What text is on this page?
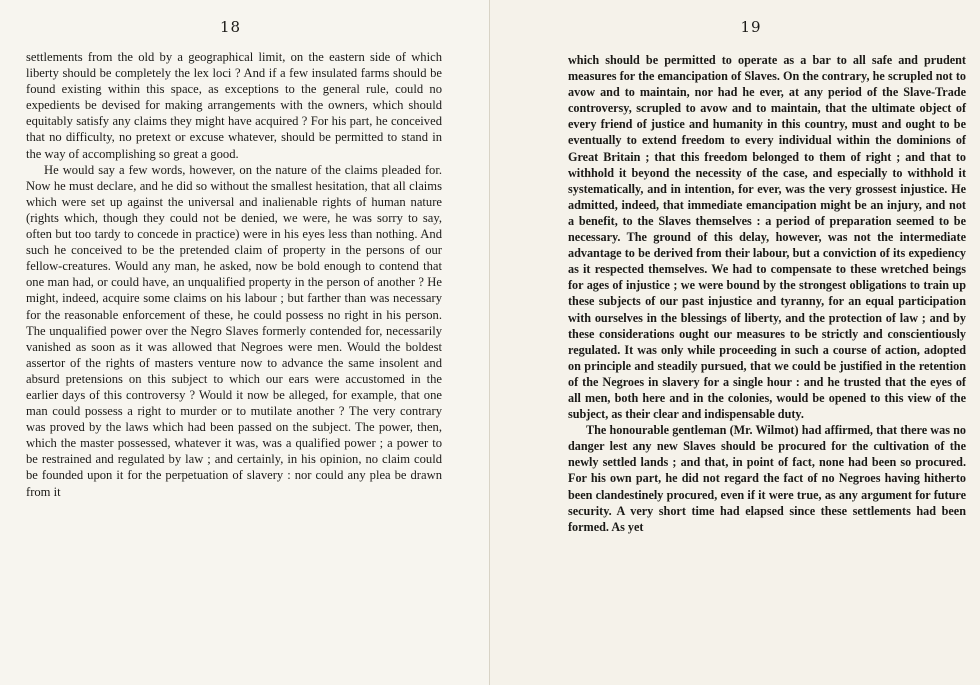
18

settlements from the old by a geographical limit, on the eastern side of which liberty should be completely the lex loci ? And if a few insulated farms should be found existing within this space, as exceptions to the general rule, could no expedients be devised for making arrangements with the owners, which should equitably satisfy any claims they might have acquired ? For his part, he conceived that no difficulty, no pretext or excuse whatever, should be permitted to stand in the way of accomplishing so great a good.

He would say a few words, however, on the nature of the claims pleaded for. Now he must declare, and he did so without the smallest hesitation, that all claims which were set up against the universal and inalienable rights of human nature (rights which, though they could not be denied, we were, he was sorry to say, often but too tardy to concede in practice) were in his eyes less than nothing. And such he conceived to be the pretended claim of property in the persons of our fellow-creatures. Would any man, he asked, now be bold enough to contend that one man had, or could have, an unqualified property in the person of another ? He might, indeed, acquire some claims on his labour ; but farther than was necessary for the reasonable enforcement of these, he could possess no right in his person. The unqualified power over the Negro Slaves formerly contended for, necessarily vanished as soon as it was allowed that Negroes were men. Would the boldest assertor of the rights of masters venture now to advance the same insolent and absurd pretensions on this subject to which our ears were accustomed in the earlier days of this controversy ? Would it now be alleged, for example, that one man could possess a right to murder or to mutilate another ? The very contrary was proved by the laws which had been passed on the subject. The power, then, which the master possessed, whatever it was, was a qualified power ; a power to be restrained and regulated by law ; and certainly, in his opinion, no claim could be founded upon it for the perpetuation of slavery : nor could any plea be drawn from it

19

which should be permitted to operate as a bar to all safe and prudent measures for the emancipation of Slaves. On the contrary, he scrupled not to avow and to maintain, nor had he ever, at any period of the Slave-Trade controversy, scrupled to avow and to maintain, that the ultimate object of every friend of justice and humanity in this country, must and ought to be eventually to extend freedom to every individual within the dominions of Great Britain ; that this freedom belonged to them of right ; and that to withhold it beyond the necessity of the case, and especially to withhold it systematically, and in intention, for ever, was the very grossest injustice. He admitted, indeed, that immediate emancipation might be an injury, and not a benefit, to the Slaves themselves : a period of preparation seemed to be necessary. The ground of this delay, however, was not the intermediate advantage to be derived from their labour, but a conviction of its expediency as it respected themselves. We had to compensate to these wretched beings for ages of injustice ; we were bound by the strongest obligations to train up these subjects of our past injustice and tyranny, for an equal participation with ourselves in the blessings of liberty, and the protection of law ; and by these considerations ought our measures to be strictly and conscientiously regulated. It was only while proceeding in such a course of action, adopted on principle and steadily pursued, that we could be justified in the retention of the Negroes in slavery for a single hour : and he trusted that the eyes of all men, both here and in the colonies, would be opened to this view of the subject, as their clear and indispensable duty.

The honourable gentleman (Mr. Wilmot) had affirmed, that there was no danger lest any new Slaves should be procured for the cultivation of the newly settled lands ; and that, in point of fact, none had been so procured. For his own part, he did not regard the fact of no Negroes having hitherto been clandestinely procured, even if it were true, as any argument for future security. A very short time had elapsed since these settlements had been formed. As yet
